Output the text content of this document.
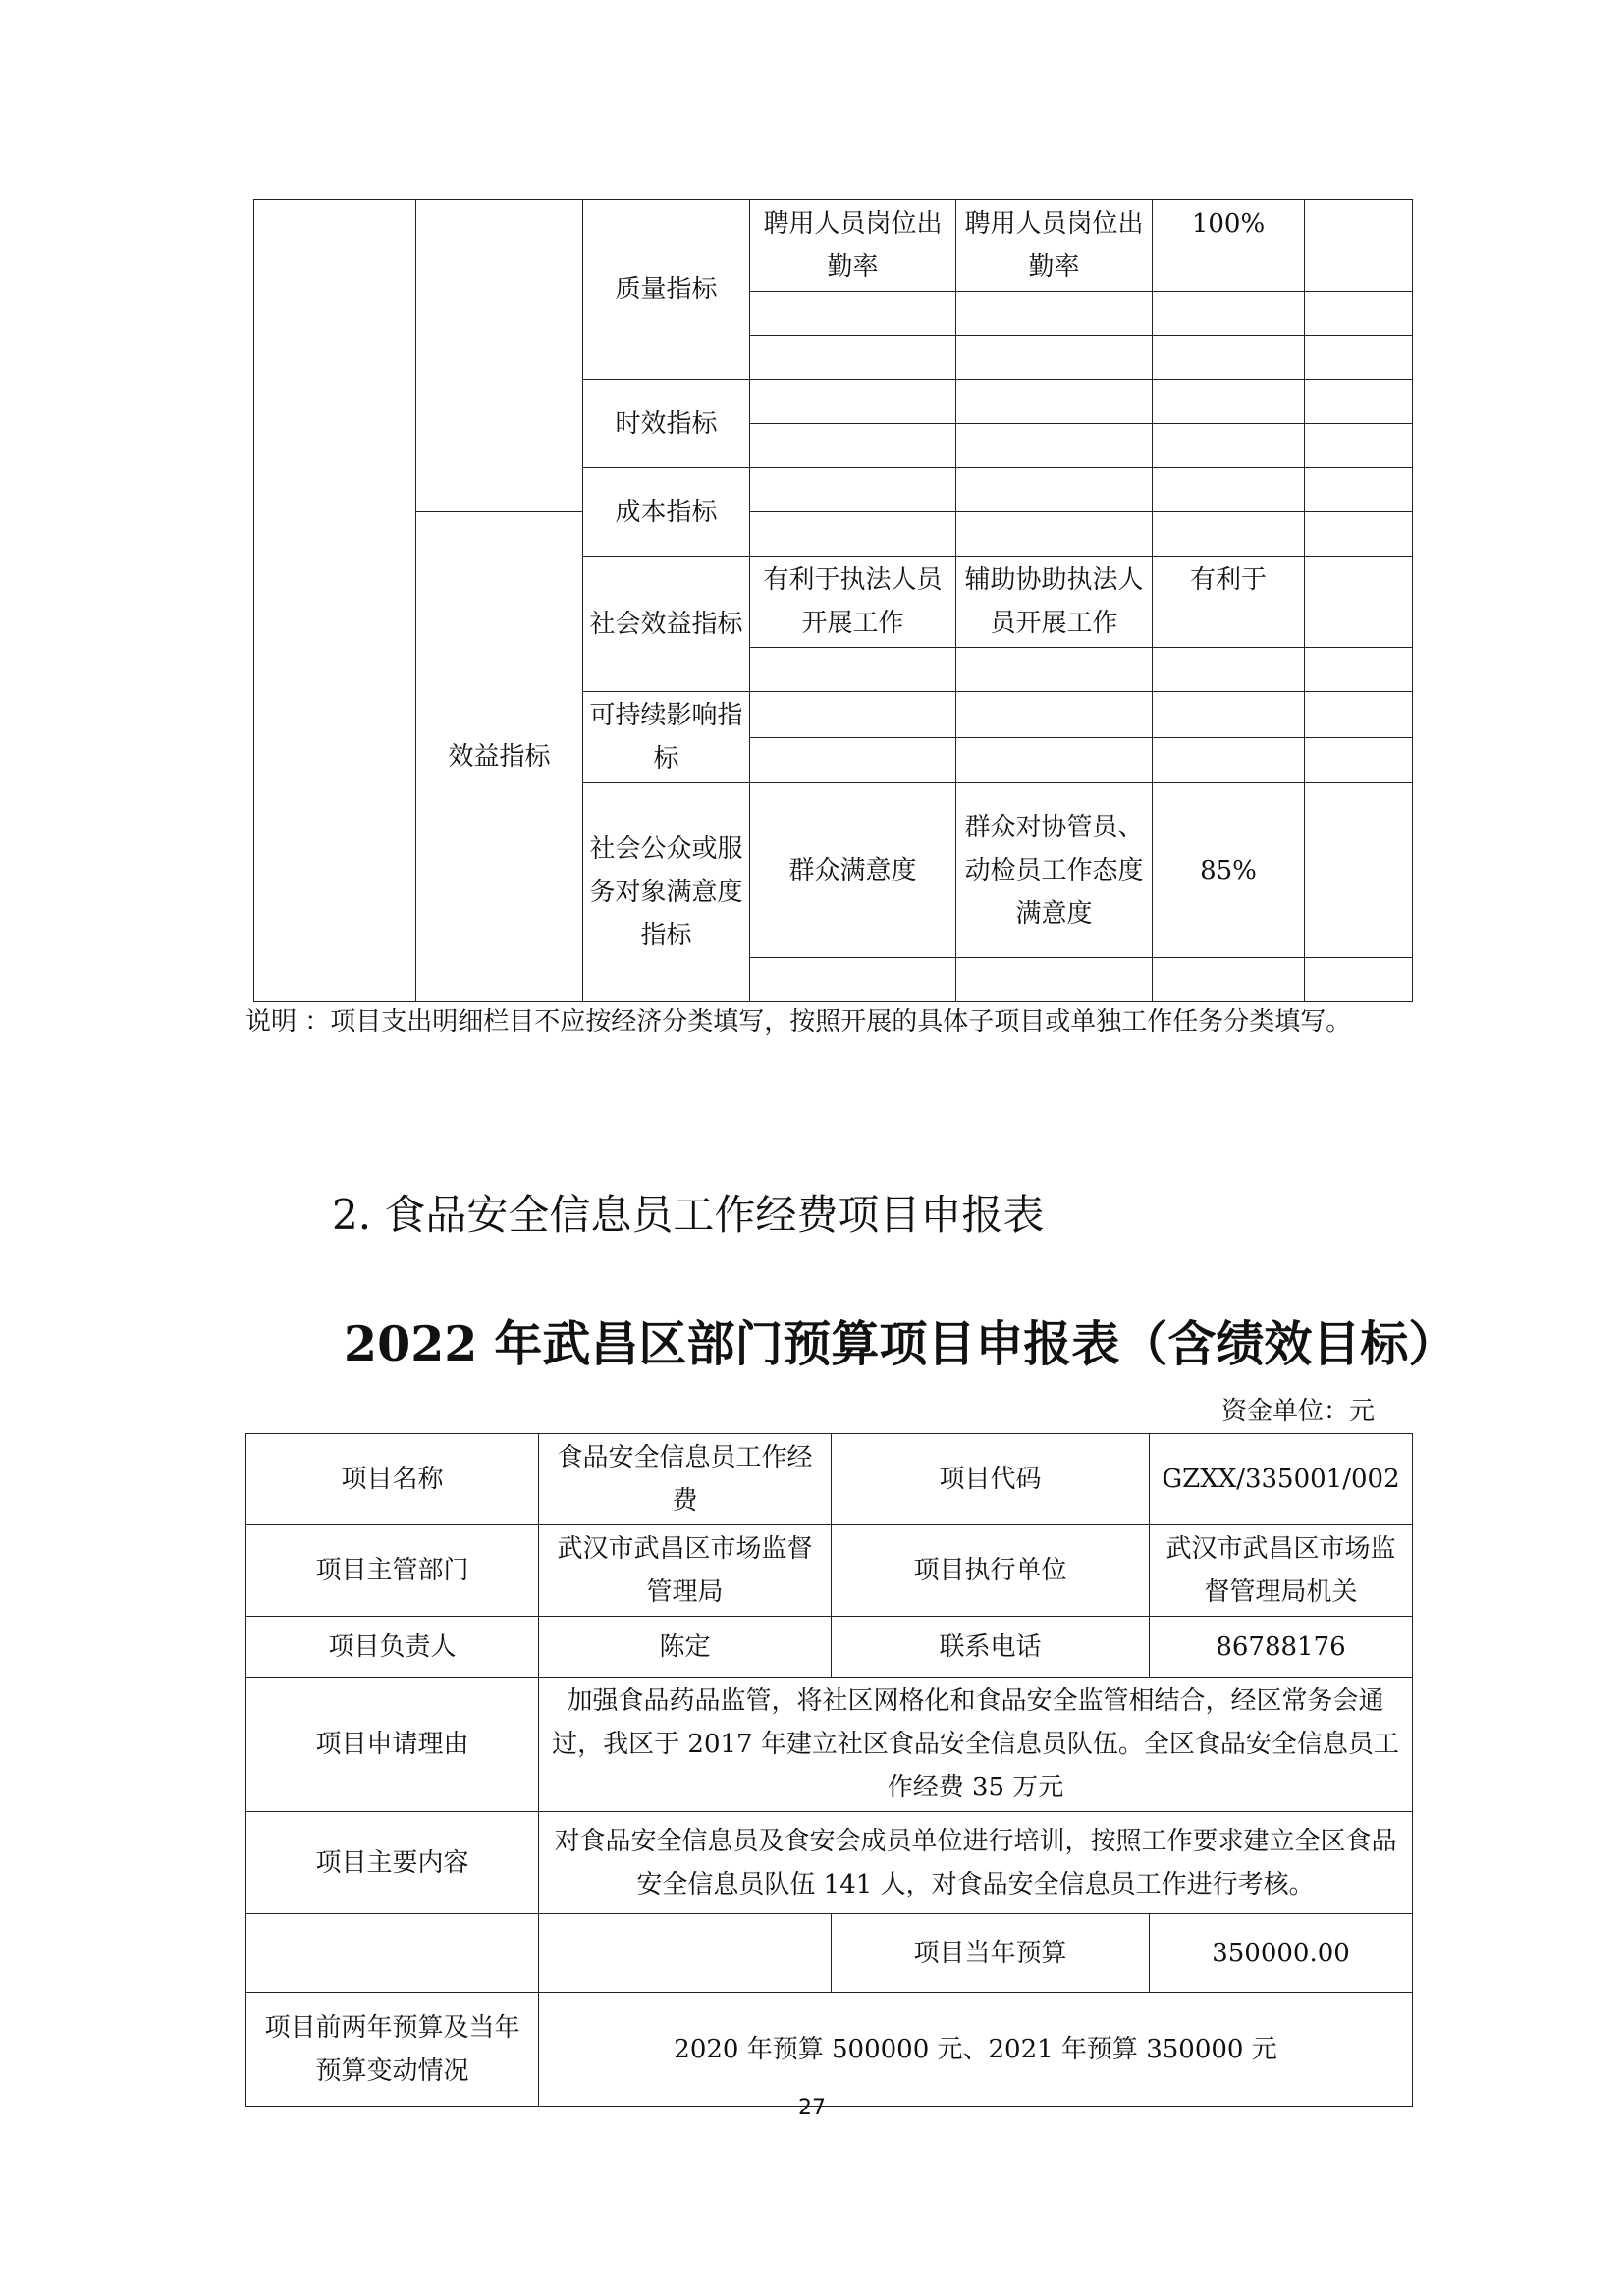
		质量指标	聘用人员岗位出勤率	聘用人员岗位出勤率	100%	

		时效指标				

		成本指标				
	效益指标					
		社会效益指标	有利于执法人员开展工作	辅助协助执法人员开展工作	有利于	

		可持续影响指标				

		社会公众或服务对象满意度指标	群众满意度	群众对协管员、动检员工作态度满意度	85%	

说明 ：项目支出明细栏目不应按经济分类填写，按照开展的具体子项目或单独工作任务分类填写。
2. 食品安全信息员工作经费项目申报表
2022 年武昌区部门预算项目申报表（含绩效目标）
资金单位：元
项目名称	食品安全信息员工作经费	项目代码	GZXX/335001/002
项目主管部门	武汉市武昌区市场监督管理局	项目执行单位	武汉市武昌区市场监督管理局机关
项目负责人	陈定	联系电话	86788176
项目申请理由	加强食品药品监管，将社区网格化和食品安全监管相结合，经区常务会通过，我区于 2017 年建立社区食品安全信息员队伍。全区食品安全信息员工作经费 35 万元		
项目主要内容	对食品安全信息员及食安会成员单位进行培训，按照工作要求建立全区食品安全信息员队伍 141 人，对食品安全信息员工作进行考核。		
		项目当年预算	350000.00
项目前两年预算及当年预算变动情况	2020 年预算 500000 元、2021 年预算 350000 元		
27
